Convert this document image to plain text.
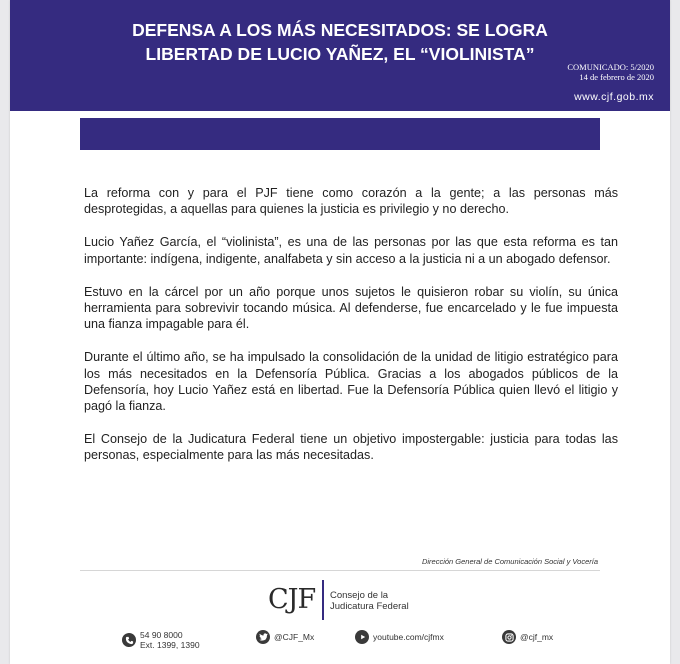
DEFENSA A LOS MÁS NECESITADOS: SE LOGRA
LIBERTAD DE LUCIO YAÑEZ, EL “VIOLINISTA”
COMUNICADO: 5/2020
14 de febrero de 2020
www.cjf.gob.mx

La reforma con y para el PJF tiene como corazón a la gente; a las personas más desprotegidas, a aquellas para quienes la justicia es privilegio y no derecho.

Lucio Yañez García, el “violinista”, es una de las personas por las que esta reforma es tan importante: indígena, indigente, analfabeta y sin acceso a la justicia ni a un abogado defensor.

Estuvo en la cárcel por un año porque unos sujetos le quisieron robar su violín, su única herramienta para sobrevivir tocando música. Al defenderse, fue encarcelado y le fue impuesta una fianza impagable para él.

Durante el último año, se ha impulsado la consolidación de la unidad de litigio estratégico para los más necesitados en la Defensoría Pública. Gracias a los abogados públicos de la Defensoría, hoy Lucio Yañez está en libertad. Fue la Defensoría Pública quien llevó el litigio y pagó la fianza.

El Consejo de la Judicatura Federal tiene un objetivo impostergable: justicia para todas las personas, especialmente para las más necesitadas.

Dirección General de Comunicación Social y Vocería
CJF Consejo de la
Judicatura Federal
54 90 8000
Ext. 1399, 1390
@CJF_Mx	youtube.com/cjfmx	@cjf_mx
